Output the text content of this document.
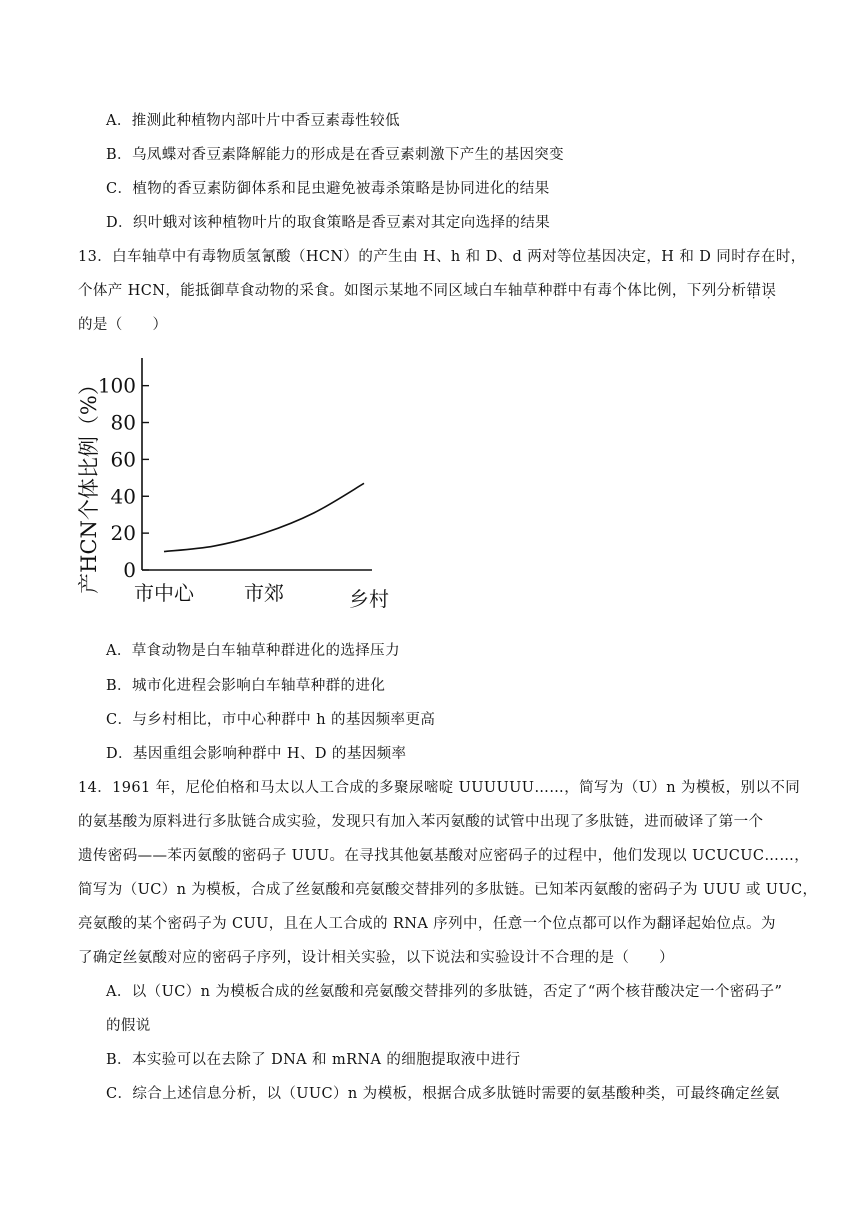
A．推测此种植物内部叶片中香豆素毒性较低
B．乌凤蝶对香豆素降解能力的形成是在香豆素刺激下产生的基因突变
C．植物的香豆素防御体系和昆虫避免被毒杀策略是协同进化的结果
D．织叶蛾对该种植物叶片的取食策略是香豆素对其定向选择的结果
13．白车轴草中有毒物质氢氰酸（HCN）的产生由 H、h 和 D、d 两对等位基因决定，H 和 D 同时存在时，
个体产 HCN，能抵御草食动物的采食。如图示某地不同区域白车轴草种群中有毒个体比例，下列分析错误
的是（　　）
0
20
40
60
80
100
市中心	市郊	乡村
产HCN个体比例（%）
A．草食动物是白车轴草种群进化的选择压力
B．城市化进程会影响白车轴草种群的进化
C．与乡村相比，市中心种群中 h 的基因频率更高
D．基因重组会影响种群中 H、D 的基因频率
14．1961 年，尼伦伯格和马太以人工合成的多聚尿嘧啶 UUUUUU……，简写为（U）n 为模板，别以不同
的氨基酸为原料进行多肽链合成实验，发现只有加入苯丙氨酸的试管中出现了多肽链，进而破译了第一个
遗传密码——苯丙氨酸的密码子 UUU。在寻找其他氨基酸对应密码子的过程中，他们发现以 UCUCUC……，
简写为（UC）n 为模板，合成了丝氨酸和亮氨酸交替排列的多肽链。已知苯丙氨酸的密码子为 UUU 或 UUC，
亮氨酸的某个密码子为 CUU，且在人工合成的 RNA 序列中，任意一个位点都可以作为翻译起始位点。为
了确定丝氨酸对应的密码子序列，设计相关实验，以下说法和实验设计不合理的是（　　）
A．以（UC）n 为模板合成的丝氨酸和亮氨酸交替排列的多肽链，否定了“两个核苷酸决定一个密码子”
的假说
B．本实验可以在去除了 DNA 和 mRNA 的细胞提取液中进行
C．综合上述信息分析，以（UUC）n 为模板，根据合成多肽链时需要的氨基酸种类，可最终确定丝氨
